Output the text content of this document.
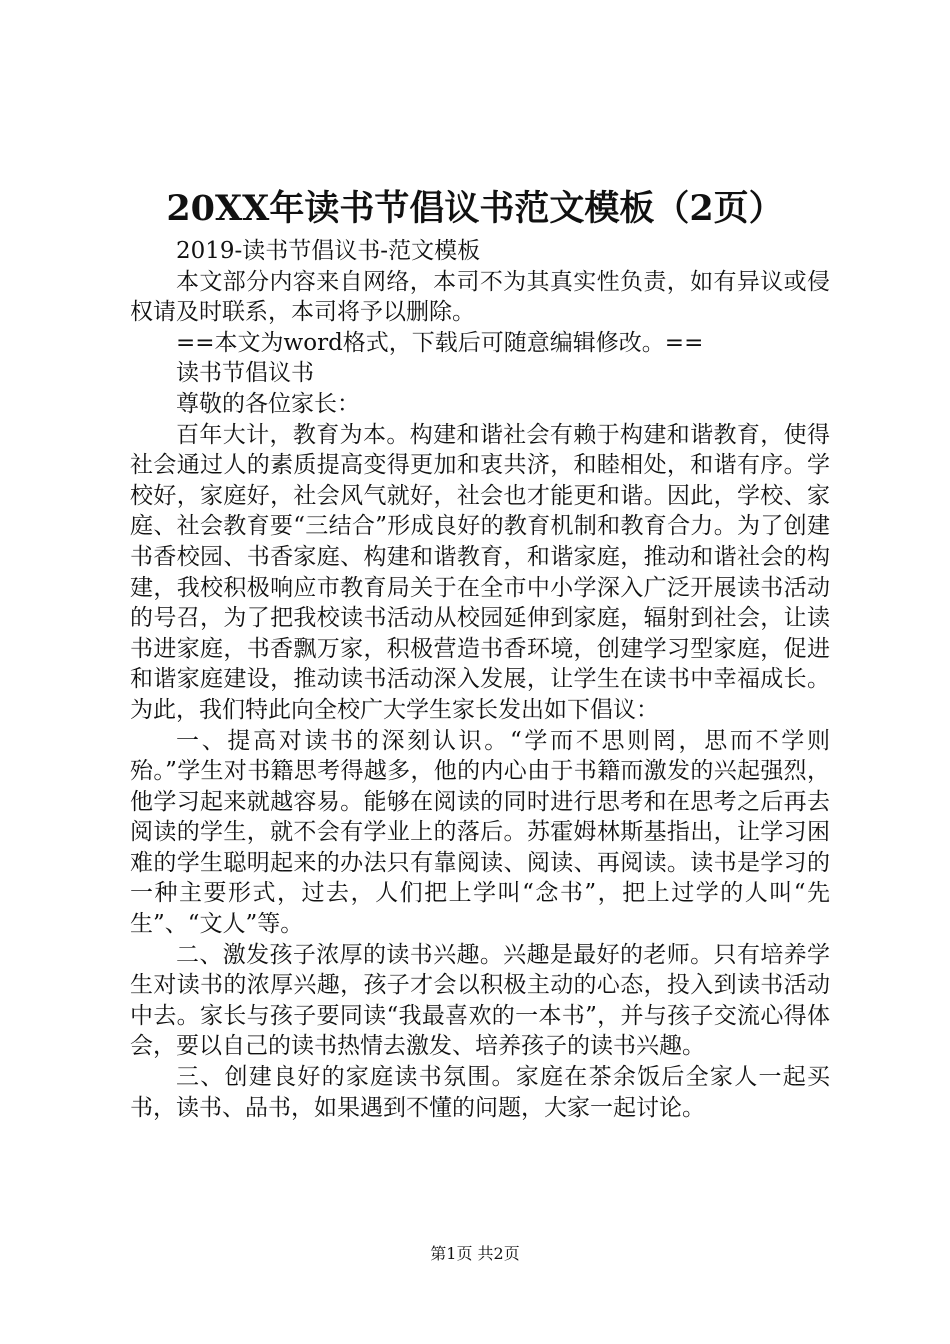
20XX年读书节倡议书范文模板（2页）

2019-读书节倡议书-范文模板

本文部分内容来自网络，本司不为其真实性负责，如有异议或侵权请及时联系，本司将予以删除。

==本文为word格式，下载后可随意编辑修改。==

读书节倡议书

尊敬的各位家长：

百年大计，教育为本。构建和谐社会有赖于构建和谐教育，使得社会通过人的素质提高变得更加和衷共济，和睦相处，和谐有序。学校好，家庭好，社会风气就好，社会也才能更和谐。因此，学校、家庭、社会教育要“三结合”形成良好的教育机制和教育合力。为了创建书香校园、书香家庭、构建和谐教育，和谐家庭，推动和谐社会的构建，我校积极响应市教育局关于在全市中小学深入广泛开展读书活动的号召，为了把我校读书活动从校园延伸到家庭，辐射到社会，让读书进家庭，书香飘万家，积极营造书香环境，创建学习型家庭，促进和谐家庭建设，推动读书活动深入发展，让学生在读书中幸福成长。为此，我们特此向全校广大学生家长发出如下倡议：

一、提高对读书的深刻认识。“学而不思则罔，思而不学则殆。”学生对书籍思考得越多，他的内心由于书籍而激发的兴起强烈，他学习起来就越容易。能够在阅读的同时进行思考和在思考之后再去阅读的学生，就不会有学业上的落后。苏霍姆林斯基指出，让学习困难的学生聪明起来的办法只有靠阅读、阅读、再阅读。读书是学习的一种主要形式，过去，人们把上学叫“念书”，把上过学的人叫“先生”、“文人”等。

二、激发孩子浓厚的读书兴趣。兴趣是最好的老师。只有培养学生对读书的浓厚兴趣，孩子才会以积极主动的心态，投入到读书活动中去。家长与孩子要同读“我最喜欢的一本书”，并与孩子交流心得体会，要以自己的读书热情去激发、培养孩子的读书兴趣。

三、创建良好的家庭读书氛围。家庭在茶余饭后全家人一起买书，读书、品书，如果遇到不懂的问题，大家一起讨论。

第1页 共2页
